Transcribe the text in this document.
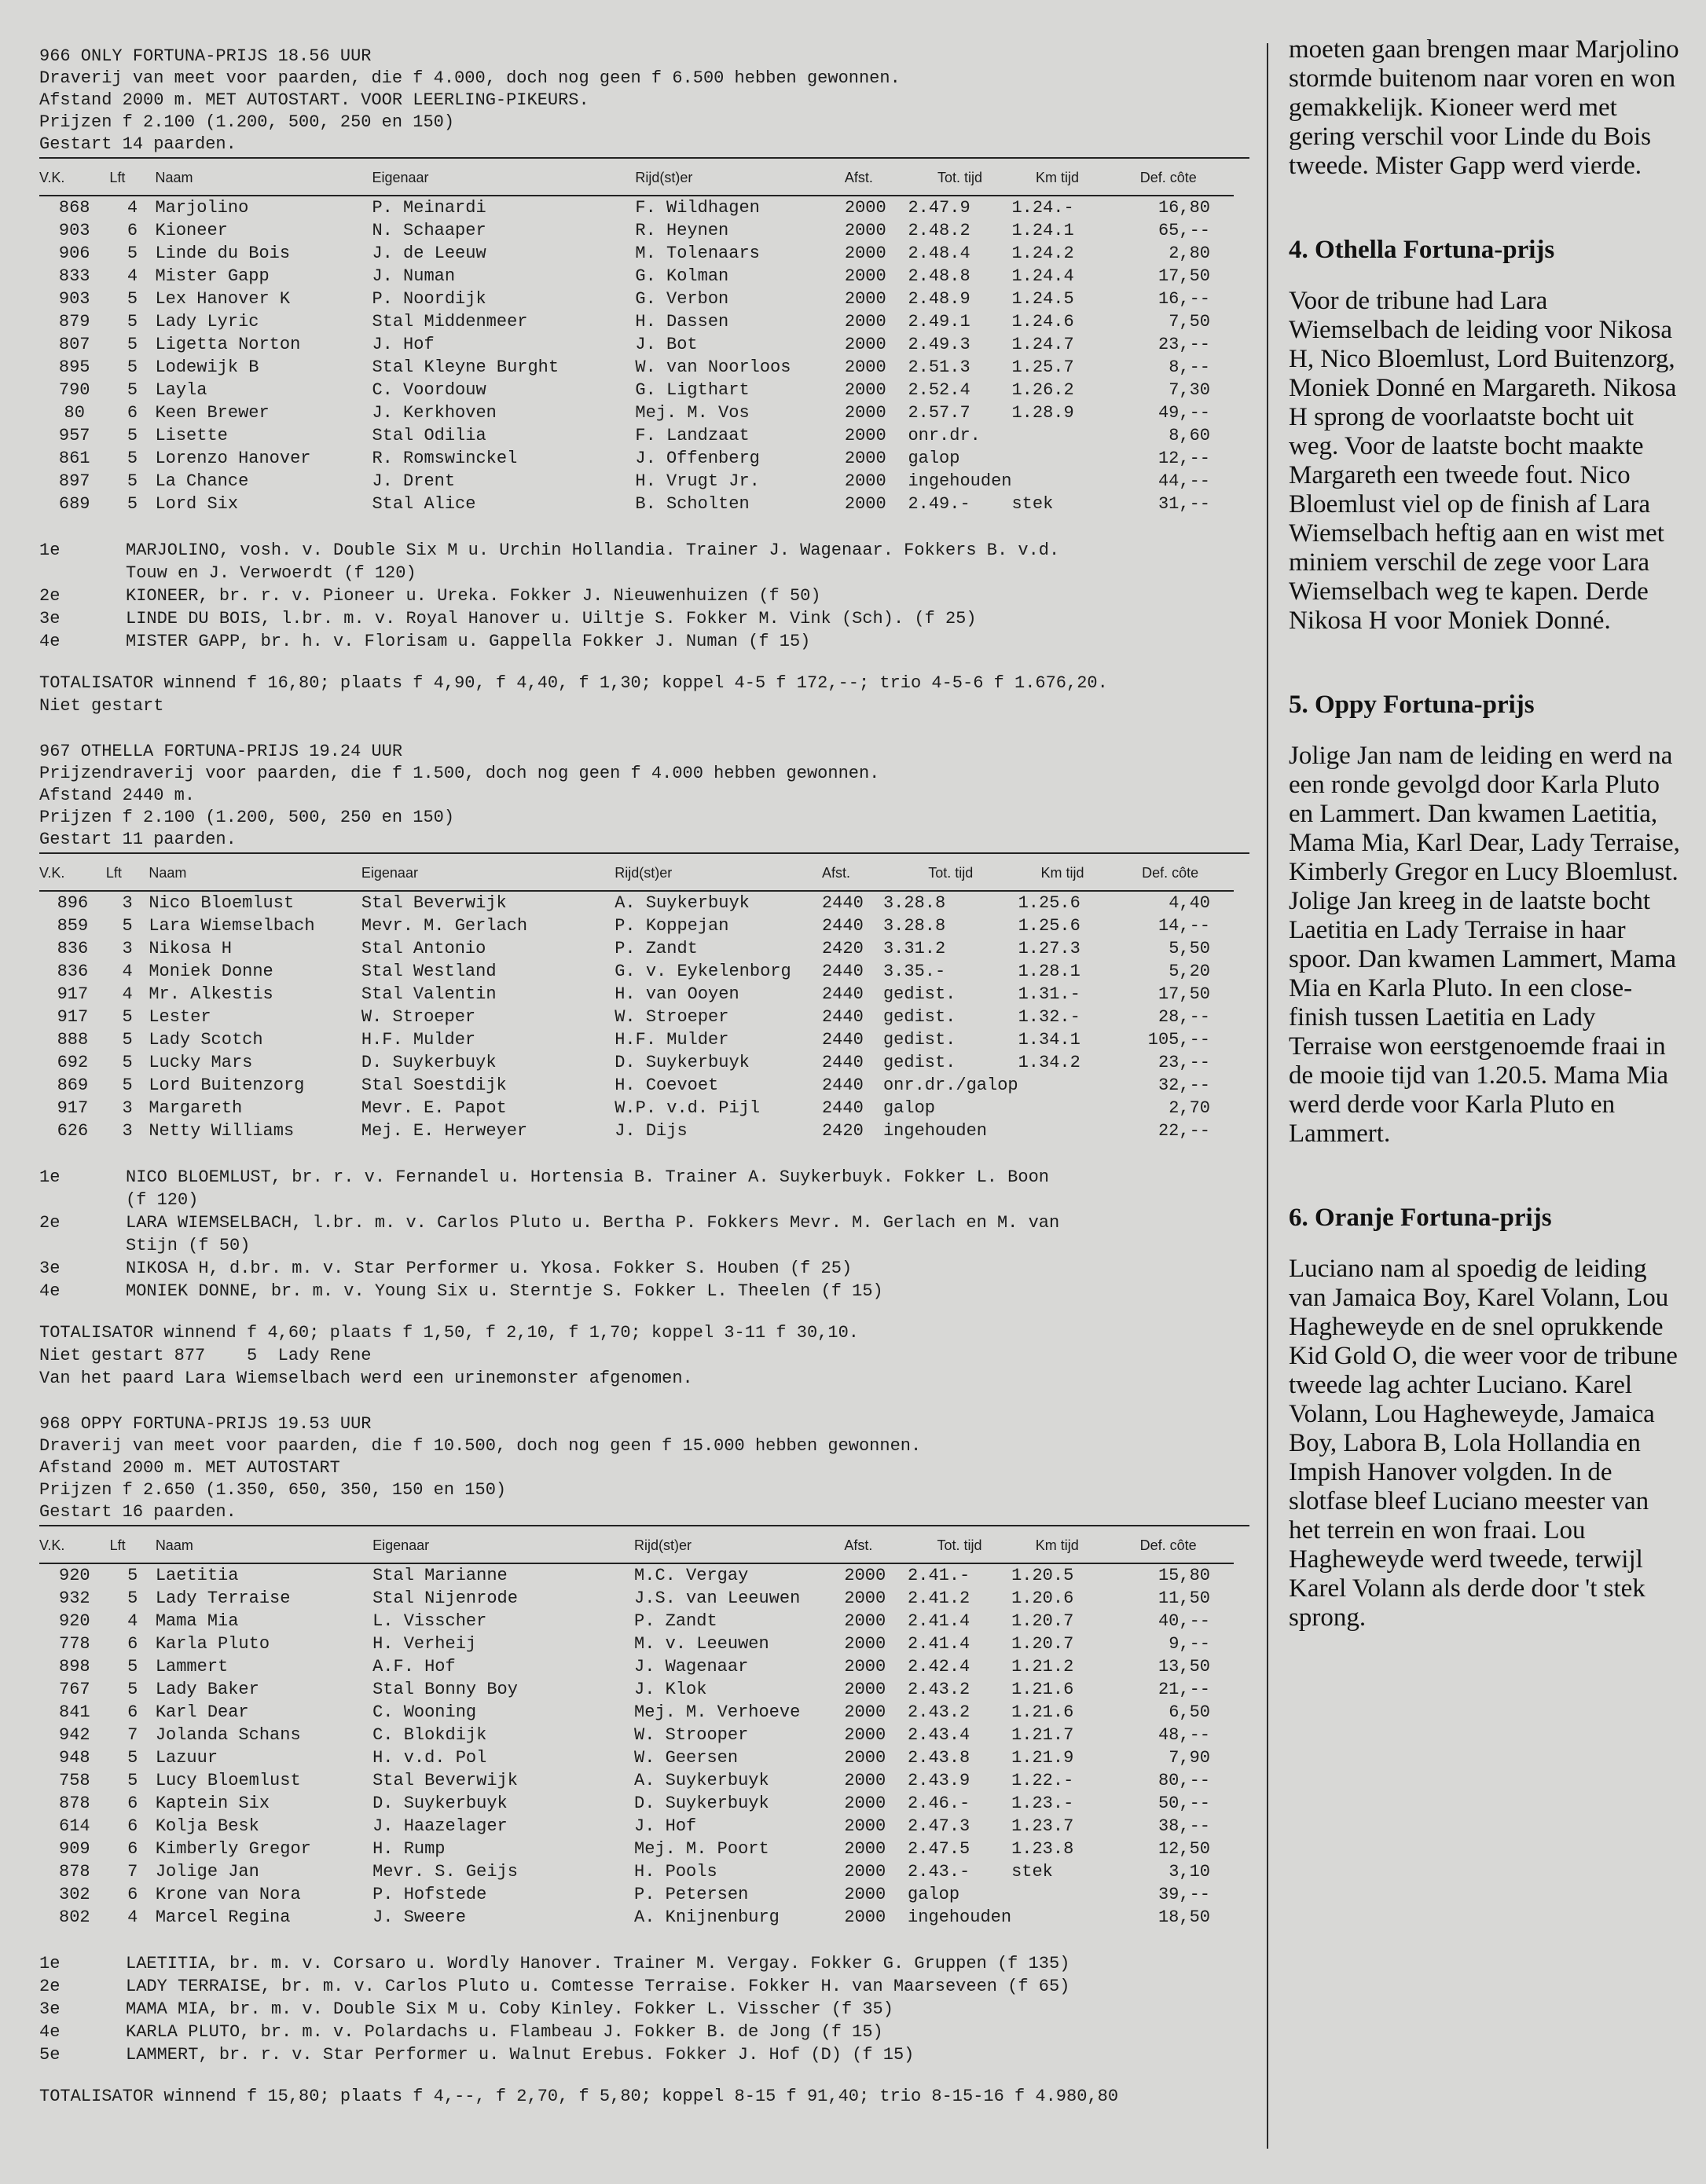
966 ONLY FORTUNA-PRIJS 18.56 UUR
Draverij van meet voor paarden, die f 4.000, doch nog geen f 6.500 hebben gewonnen.
Afstand 2000 m. MET AUTOSTART. VOOR LEERLING-PIKEURS.
Prijzen f 2.100 (1.200, 500, 250 en 150)
Gestart 14 paarden.
V.K.	Lft	Naam	Eigenaar	Rijd(st)er	Afst.	Tot. tijd	Km tijd	Def. côte
868	4	Marjolino	P. Meinardi	F. Wildhagen	2000	2.47.9	1.24.-	16,80
903	6	Kioneer	N. Schaaper	R. Heynen	2000	2.48.2	1.24.1	65,--
906	5	Linde du Bois	J. de Leeuw	M. Tolenaars	2000	2.48.4	1.24.2	2,80
833	4	Mister Gapp	J. Numan	G. Kolman	2000	2.48.8	1.24.4	17,50
903	5	Lex Hanover K	P. Noordijk	G. Verbon	2000	2.48.9	1.24.5	16,--
879	5	Lady Lyric	Stal Middenmeer	H. Dassen	2000	2.49.1	1.24.6	7,50
807	5	Ligetta Norton	J. Hof	J. Bot	2000	2.49.3	1.24.7	23,--
895	5	Lodewijk B	Stal Kleyne Burght	W. van Noorloos	2000	2.51.3	1.25.7	8,--
790	5	Layla	C. Voordouw	G. Ligthart	2000	2.52.4	1.26.2	7,30
80	6	Keen Brewer	J. Kerkhoven	Mej. M. Vos	2000	2.57.7	1.28.9	49,--
957	5	Lisette	Stal Odilia	F. Landzaat	2000	onr.dr.		8,60
861	5	Lorenzo Hanover	R. Romswinckel	J. Offenberg	2000	galop		12,--
897	5	La Chance	J. Drent	H. Vrugt Jr.	2000	ingehouden		44,--
689	5	Lord Six	Stal Alice	B. Scholten	2000	2.49.-	stek	31,--
1e	MARJOLINO, vosh. v. Double Six M u. Urchin Hollandia. Trainer J. Wagenaar. Fokkers B. v.d.
Touw en J. Verwoerdt (f 120)
2e	KIONEER, br. r. v. Pioneer u. Ureka. Fokker J. Nieuwenhuizen (f 50)
3e	LINDE DU BOIS, l.br. m. v. Royal Hanover u. Uiltje S. Fokker M. Vink (Sch). (f 25)
4e	MISTER GAPP, br. h. v. Florisam u. Gappella Fokker J. Numan (f 15)
TOTALISATOR winnend f 16,80; plaats f 4,90, f 4,40, f 1,30; koppel 4-5 f 172,--; trio 4-5-6 f 1.676,20.
Niet gestart
967 OTHELLA FORTUNA-PRIJS 19.24 UUR
Prijzendraverij voor paarden, die f 1.500, doch nog geen f 4.000 hebben gewonnen.
Afstand 2440 m.
Prijzen f 2.100 (1.200, 500, 250 en 150)
Gestart 11 paarden.
V.K.	Lft	Naam	Eigenaar	Rijd(st)er	Afst.	Tot. tijd	Km tijd	Def. côte
896	3	Nico Bloemlust	Stal Beverwijk	A. Suykerbuyk	2440	3.28.8	1.25.6	4,40
859	5	Lara Wiemselbach	Mevr. M. Gerlach	P. Koppejan	2440	3.28.8	1.25.6	14,--
836	3	Nikosa H	Stal Antonio	P. Zandt	2420	3.31.2	1.27.3	5,50
836	4	Moniek Donne	Stal Westland	G. v. Eykelenborg	2440	3.35.-	1.28.1	5,20
917	4	Mr. Alkestis	Stal Valentin	H. van Ooyen	2440	gedist.	1.31.-	17,50
917	5	Lester	W. Stroeper	W. Stroeper	2440	gedist.	1.32.-	28,--
888	5	Lady Scotch	H.F. Mulder	H.F. Mulder	2440	gedist.	1.34.1	105,--
692	5	Lucky Mars	D. Suykerbuyk	D. Suykerbuyk	2440	gedist.	1.34.2	23,--
869	5	Lord Buitenzorg	Stal Soestdijk	H. Coevoet	2440	onr.dr./galop		32,--
917	3	Margareth	Mevr. E. Papot	W.P. v.d. Pijl	2440	galop		2,70
626	3	Netty Williams	Mej. E. Herweyer	J. Dijs	2420	ingehouden		22,--
1e	NICO BLOEMLUST, br. r. v. Fernandel u. Hortensia B. Trainer A. Suykerbuyk. Fokker L. Boon
(f 120)
2e	LARA WIEMSELBACH, l.br. m. v. Carlos Pluto u. Bertha P. Fokkers Mevr. M. Gerlach en M. van
Stijn (f 50)
3e	NIKOSA H, d.br. m. v. Star Performer u. Ykosa. Fokker S. Houben (f 25)
4e	MONIEK DONNE, br. m. v. Young Six u. Sterntje S. Fokker L. Theelen (f 15)
TOTALISATOR winnend f 4,60; plaats f 1,50, f 2,10, f 1,70; koppel 3-11 f 30,10.
Niet gestart 877    5  Lady Rene
Van het paard Lara Wiemselbach werd een urinemonster afgenomen.
968 OPPY FORTUNA-PRIJS 19.53 UUR
Draverij van meet voor paarden, die f 10.500, doch nog geen f 15.000 hebben gewonnen.
Afstand 2000 m. MET AUTOSTART
Prijzen f 2.650 (1.350, 650, 350, 150 en 150)
Gestart 16 paarden.
V.K.	Lft	Naam	Eigenaar	Rijd(st)er	Afst.	Tot. tijd	Km tijd	Def. côte
920	5	Laetitia	Stal Marianne	M.C. Vergay	2000	2.41.-	1.20.5	15,80
932	5	Lady Terraise	Stal Nijenrode	J.S. van Leeuwen	2000	2.41.2	1.20.6	11,50
920	4	Mama Mia	L. Visscher	P. Zandt	2000	2.41.4	1.20.7	40,--
778	6	Karla Pluto	H. Verheij	M. v. Leeuwen	2000	2.41.4	1.20.7	9,--
898	5	Lammert	A.F. Hof	J. Wagenaar	2000	2.42.4	1.21.2	13,50
767	5	Lady Baker	Stal Bonny Boy	J. Klok	2000	2.43.2	1.21.6	21,--
841	6	Karl Dear	C. Wooning	Mej. M. Verhoeve	2000	2.43.2	1.21.6	6,50
942	7	Jolanda Schans	C. Blokdijk	W. Strooper	2000	2.43.4	1.21.7	48,--
948	5	Lazuur	H. v.d. Pol	W. Geersen	2000	2.43.8	1.21.9	7,90
758	5	Lucy Bloemlust	Stal Beverwijk	A. Suykerbuyk	2000	2.43.9	1.22.-	80,--
878	6	Kaptein Six	D. Suykerbuyk	D. Suykerbuyk	2000	2.46.-	1.23.-	50,--
614	6	Kolja Besk	J. Haazelager	J. Hof	2000	2.47.3	1.23.7	38,--
909	6	Kimberly Gregor	H. Rump	Mej. M. Poort	2000	2.47.5	1.23.8	12,50
878	7	Jolige Jan	Mevr. S. Geijs	H. Pools	2000	2.43.-	stek	3,10
302	6	Krone van Nora	P. Hofstede	P. Petersen	2000	galop		39,--
802	4	Marcel Regina	J. Sweere	A. Knijnenburg	2000	ingehouden		18,50
1e	LAETITIA, br. m. v. Corsaro u. Wordly Hanover. Trainer M. Vergay. Fokker G. Gruppen (f 135)
2e	LADY TERRAISE, br. m. v. Carlos Pluto u. Comtesse Terraise. Fokker H. van Maarseveen (f 65)
3e	MAMA MIA, br. m. v. Double Six M u. Coby Kinley. Fokker L. Visscher (f 35)
4e	KARLA PLUTO, br. m. v. Polardachs u. Flambeau J. Fokker B. de Jong (f 15)
5e	LAMMERT, br. r. v. Star Performer u. Walnut Erebus. Fokker J. Hof (D) (f 15)
TOTALISATOR winnend f 15,80; plaats f 4,--, f 2,70, f 5,80; koppel 8-15 f 91,40; trio 8-15-16 f 4.980,80

moeten gaan brengen maar Marjolino stormde buitenom naar voren en won gemakkelijk. Kioneer werd met gering verschil voor Linde du Bois tweede. Mister Gapp werd vierde.

4. Othella Fortuna-prijs

Voor de tribune had Lara Wiemselbach de leiding voor Nikosa H, Nico Bloemlust, Lord Buitenzorg, Moniek Donné en Margareth. Nikosa H sprong de voorlaatste bocht uit weg. Voor de laatste bocht maakte Margareth een tweede fout. Nico Bloemlust viel op de finish af Lara Wiemselbach heftig aan en wist met miniem verschil de zege voor Lara Wiemselbach weg te kapen. Derde Nikosa H voor Moniek Donné.

5. Oppy Fortuna-prijs

Jolige Jan nam de leiding en werd na een ronde gevolgd door Karla Pluto en Lammert. Dan kwamen Laetitia, Mama Mia, Karl Dear, Lady Terraise, Kimberly Gregor en Lucy Bloemlust. Jolige Jan kreeg in de laatste bocht Laetitia en Lady Terraise in haar spoor. Dan kwamen Lammert, Mama Mia en Karla Pluto. In een close-finish tussen Laetitia en Lady Terraise won eerstgenoemde fraai in de mooie tijd van 1.20.5. Mama Mia werd derde voor Karla Pluto en Lammert.

6. Oranje Fortuna-prijs

Luciano nam al spoedig de leiding van Jamaica Boy, Karel Volann, Lou Hagheweyde en de snel oprukkende Kid Gold O, die weer voor de tribune tweede lag achter Luciano. Karel Volann, Lou Hagheweyde, Jamaica Boy, Labora B, Lola Hollandia en Impish Hanover volgden. In de slotfase bleef Luciano meester van het terrein en won fraai. Lou Hagheweyde werd tweede, terwijl Karel Volann als derde door 't stek sprong.
